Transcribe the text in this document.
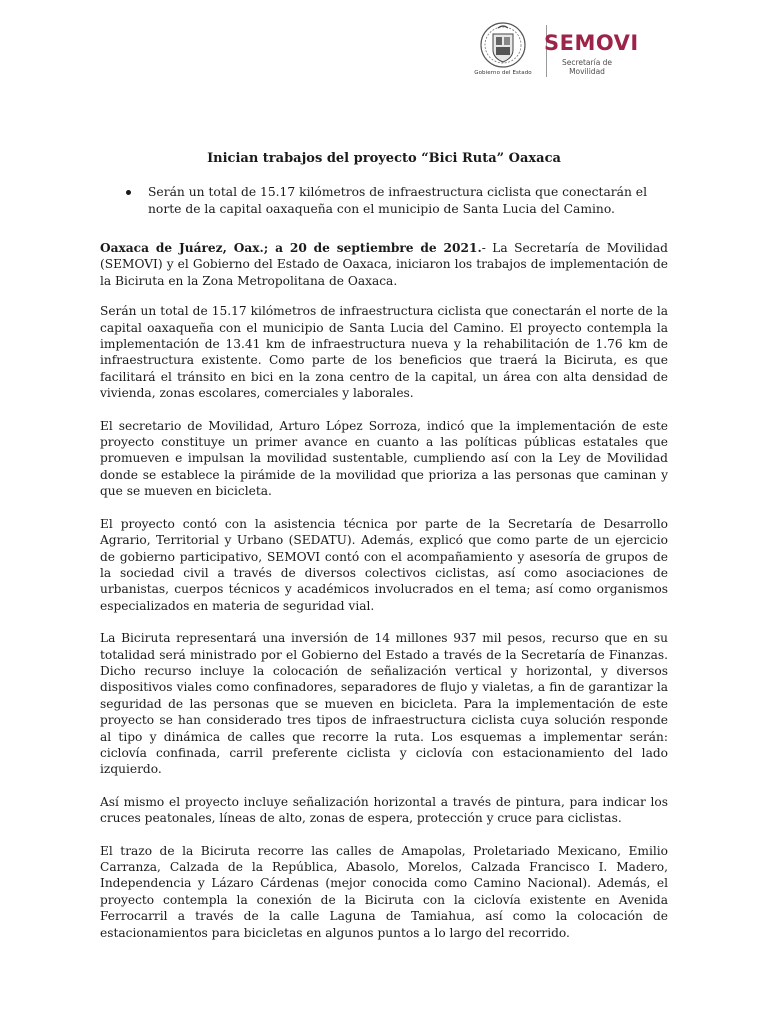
Gobierno del Estado
SEMOVI
Secretaría de
Movilidad
Inician trabajos del proyecto “Bici Ruta” Oaxaca
Serán un total de 15.17 kilómetros de infraestructura ciclista que conectarán el norte de la capital oaxaqueña con el municipio de Santa Lucia del Camino.

Oaxaca de Juárez, Oax.; a 20 de septiembre de 2021.- La Secretaría de Movilidad (SEMOVI) y el Gobierno del Estado de Oaxaca, iniciaron los trabajos de implementación de la Biciruta en la Zona Metropolitana de Oaxaca.

Serán un total de 15.17 kilómetros de infraestructura ciclista que conectarán el norte de la capital oaxaqueña con el municipio de Santa Lucia del Camino. El proyecto contempla la implementación de 13.41 km de infraestructura nueva y la rehabilitación de 1.76 km de infraestructura existente. Como parte de los beneficios que traerá la Biciruta, es que facilitará el tránsito en bici en la zona centro de la capital, un área con alta densidad de vivienda, zonas escolares, comerciales y laborales.

El secretario de Movilidad, Arturo López Sorroza, indicó que la implementación de este proyecto constituye un primer avance en cuanto a las políticas públicas estatales que promueven e impulsan la movilidad sustentable, cumpliendo así con la Ley de Movilidad donde se establece la pirámide de la movilidad que prioriza a las personas que caminan y que se mueven en bicicleta.

El proyecto contó con la asistencia técnica por parte de la Secretaría de Desarrollo Agrario, Territorial y Urbano (SEDATU). Además, explicó que como parte de un ejercicio de gobierno participativo, SEMOVI contó con el acompañamiento y asesoría de grupos de la sociedad civil a través de diversos colectivos ciclistas, así como asociaciones de urbanistas, cuerpos técnicos y académicos involucrados en el tema; así como organismos especializados en materia de seguridad vial.

La Biciruta representará una inversión de 14 millones 937 mil pesos, recurso que en su totalidad será ministrado por el Gobierno del Estado a través de la Secretaría de Finanzas. Dicho recurso incluye la colocación de señalización vertical y horizontal, y diversos dispositivos viales como confinadores, separadores de flujo y vialetas, a fin de garantizar la seguridad de las personas que se mueven en bicicleta. Para la implementación de este proyecto se han considerado tres tipos de infraestructura ciclista cuya solución responde al tipo y dinámica de calles que recorre la ruta. Los esquemas a implementar serán: ciclovía confinada, carril preferente ciclista y ciclovía con estacionamiento del lado izquierdo.

Así mismo el proyecto incluye señalización horizontal a través de pintura, para indicar los cruces peatonales, líneas de alto, zonas de espera, protección y cruce para ciclistas.

El trazo de la Biciruta recorre las calles de Amapolas, Proletariado Mexicano, Emilio Carranza, Calzada de la República, Abasolo, Morelos, Calzada Francisco I. Madero, Independencia y Lázaro Cárdenas (mejor conocida como Camino Nacional). Además, el proyecto contempla la conexión de la Biciruta con la ciclovía existente en Avenida Ferrocarril a través de la calle Laguna de Tamiahua, así como la colocación de estacionamientos para bicicletas en algunos puntos a lo largo del recorrido.
